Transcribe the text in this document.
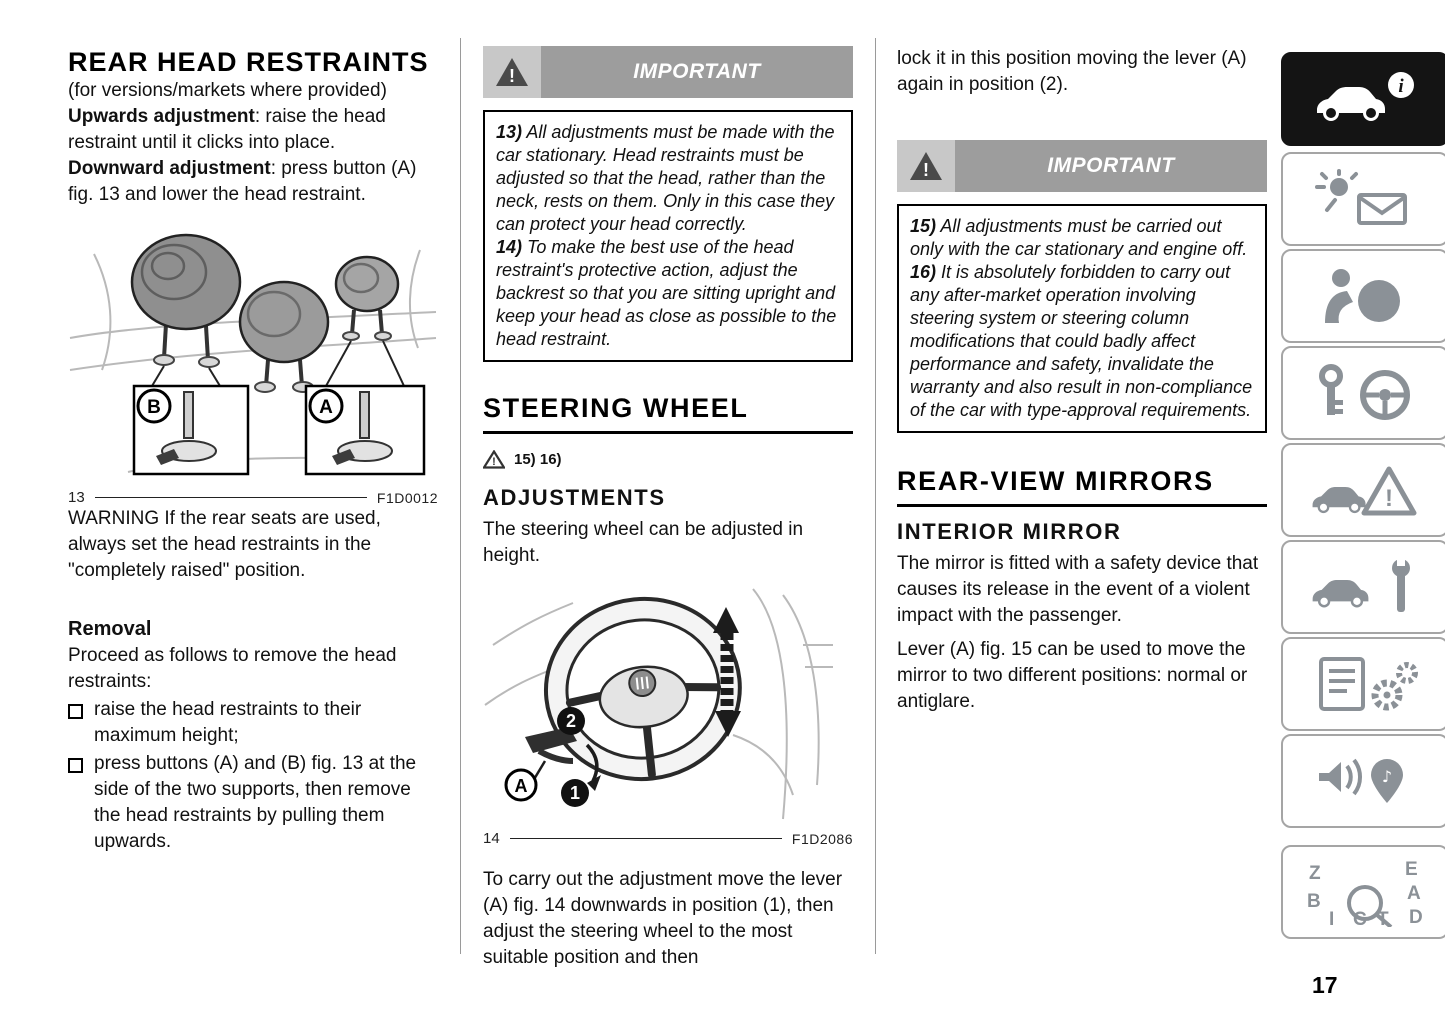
REAR HEAD RESTRAINTS

(for versions/markets where provided)

Upwards adjustment: raise the head restraint until it clicks into place.

Downward adjustment: press button (A) fig. 13 and lower the head restraint.

B	A
13	F1D0012

WARNING If the rear seats are used, always set the head restraints in the "completely raised" position.

Removal

Proceed as follows to remove the head restraints:

raise the head restraints to their maximum height;
press buttons (A) and (B) fig. 13 at the side of the two supports, then remove the head restraints by pulling them upwards.
!	IMPORTANT

13) All adjustments must be made with the car stationary. Head restraints must be adjusted so that the head, rather than the neck, rests on them. Only in this case they can protect your head correctly.

14) To make the best use of the head restraint's protective action, adjust the backrest so that you are sitting upright and keep your head as close as possible to the head restraint.

STEERING WHEEL
! 15) 16)
ADJUSTMENTS

The steering wheel can be adjusted in height.

2
A 1
14	F1D2086

To carry out the adjustment move the lever (A) fig. 14 downwards in position (1), then adjust the steering wheel to the most suitable position and then

lock it in this position moving the lever (A) again in position (2).

!	IMPORTANT

15) All adjustments must be carried out only with the car stationary and engine off.

16) It is absolutely forbidden to carry out any after-market operation involving steering system or steering column modifications that could badly affect performance and safety, invalidate the warranty and also result in non-compliance of the car with type-approval requirements.

REAR-VIEW MIRRORS
INTERIOR MIRROR

The mirror is fitted with a safety device that causes its release in the event of a violent impact with the passenger.

Lever (A) fig. 15 can be used to move the mirror to two different positions: normal or antiglare.

i
!
♪
Z	E
A
B
D
I C T
17
